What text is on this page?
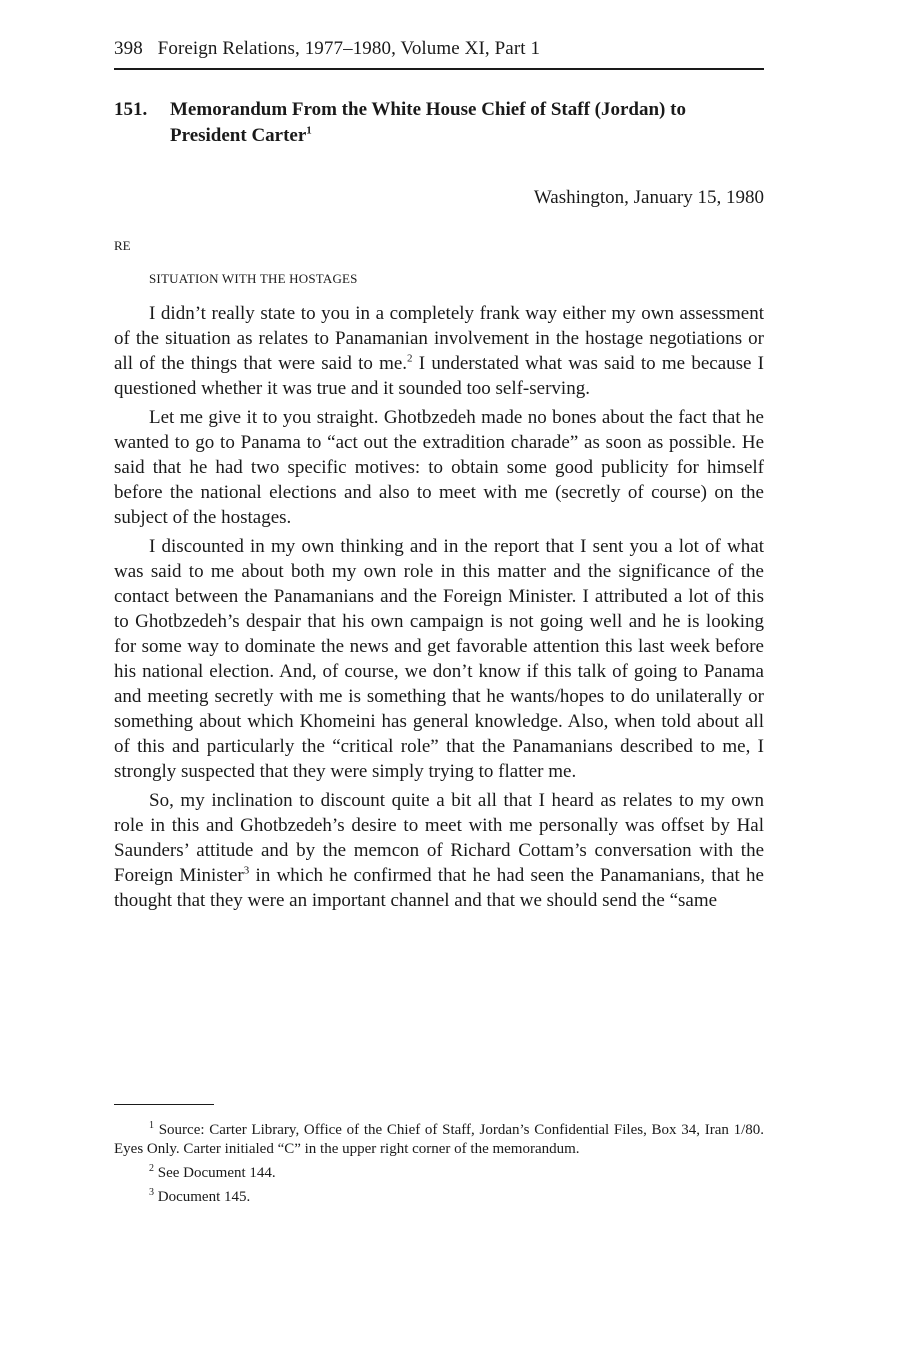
398 Foreign Relations, 1977–1980, Volume XI, Part 1
151.	Memorandum From the White House Chief of Staff (Jordan) to President Carter$^1$
Washington, January 15, 1980
RE
SITUATION WITH THE HOSTAGES

I didn’t really state to you in a completely frank way either my own assessment of the situation as relates to Panamanian involvement in the hostage negotiations or all of the things that were said to me.$^2$ I understated what was said to me because I questioned whether it was true and it sounded too self-serving.

Let me give it to you straight. Ghotbzedeh made no bones about the fact that he wanted to go to Panama to “act out the extradition charade” as soon as possible. He said that he had two specific motives: to obtain some good publicity for himself before the national elections and also to meet with me (secretly of course) on the subject of the hostages.

I discounted in my own thinking and in the report that I sent you a lot of what was said to me about both my own role in this matter and the significance of the contact between the Panamanians and the Foreign Minister. I attributed a lot of this to Ghotbzedeh’s despair that his own campaign is not going well and he is looking for some way to dominate the news and get favorable attention this last week before his national election. And, of course, we don’t know if this talk of going to Panama and meeting secretly with me is something that he wants/hopes to do unilaterally or something about which Khomeini has general knowledge. Also, when told about all of this and particularly the “critical role” that the Panamanians described to me, I strongly suspected that they were simply trying to flatter me.

So, my inclination to discount quite a bit all that I heard as relates to my own role in this and Ghotbzedeh’s desire to meet with me personally was offset by Hal Saunders’ attitude and by the memcon of Richard Cottam’s conversation with the Foreign Minister$^3$ in which he confirmed that he had seen the Panamanians, that he thought that they were an important channel and that we should send the “same

$^1$ Source: Carter Library, Office of the Chief of Staff, Jordan’s Confidential Files, Box 34, Iran 1/80. Eyes Only. Carter initialed “C” in the upper right corner of the memorandum.

$^2$ See Document 144.

$^3$ Document 145.
